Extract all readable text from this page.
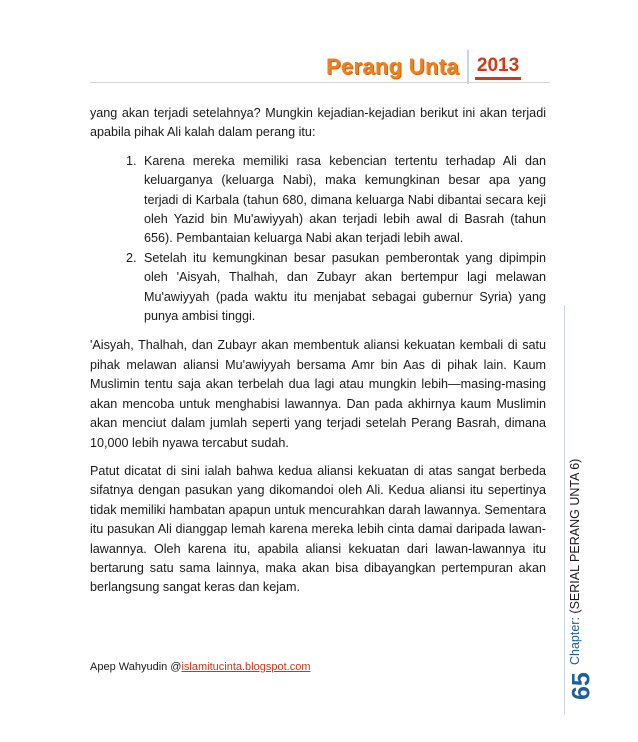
Perang Unta 2013

yang akan terjadi setelahnya? Mungkin kejadian-kejadian berikut ini akan terjadi apabila pihak Ali kalah dalam perang itu:

1. Karena mereka memiliki rasa kebencian tertentu terhadap Ali dan keluarganya (keluarga Nabi), maka kemungkinan besar apa yang terjadi di Karbala (tahun 680, dimana keluarga Nabi dibantai secara keji oleh Yazid bin Mu'awiyyah) akan terjadi lebih awal di Basrah (tahun 656). Pembantaian keluarga Nabi akan terjadi lebih awal.
2. Setelah itu kemungkinan besar pasukan pemberontak yang dipimpin oleh 'Aisyah, Thalhah, dan Zubayr akan bertempur lagi melawan Mu'awiyyah (pada waktu itu menjabat sebagai gubernur Syria) yang punya ambisi tinggi.

'Aisyah, Thalhah, dan Zubayr akan membentuk aliansi kekuatan kembali di satu pihak melawan aliansi Mu'awiyyah bersama Amr bin Aas di pihak lain. Kaum Muslimin tentu saja akan terbelah dua lagi atau mungkin lebih—masing-masing akan mencoba untuk menghabisi lawannya. Dan pada akhirnya kaum Muslimin akan menciut dalam jumlah seperti yang terjadi setelah Perang Basrah, dimana 10,000 lebih nyawa tercabut sudah.

Patut dicatat di sini ialah bahwa kedua aliansi kekuatan di atas sangat berbeda sifatnya dengan pasukan yang dikomandoi oleh Ali. Kedua aliansi itu sepertinya tidak memiliki hambatan apapun untuk mencurahkan darah lawannya. Sementara itu pasukan Ali dianggap lemah karena mereka lebih cinta damai daripada lawan-lawannya. Oleh karena itu, apabila aliansi kekuatan dari lawan-lawannya itu bertarung satu sama lainnya, maka akan bisa dibayangkan pertempuran akan berlangsung sangat keras dan kejam.

Apep Wahyudin @islamitucinta.blogspot.com
Chapter: (SERIAL PERANG UNTA 6)
65
